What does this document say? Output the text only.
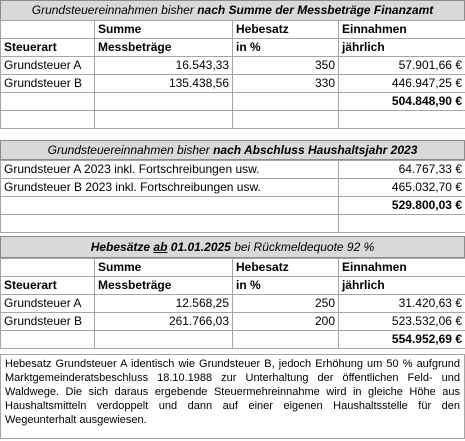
Grundsteuereinnahmen bisher nach Summe der Messbeträge Finanzamt
	Summe	Hebesatz	Einnahmen
Steuerart	Messbeträge	in %	jährlich
Grundsteuer A	16.543,33	350	57.901,66 €
Grundsteuer B	135.438,56	330	446.947,25 €
			504.848,90 €

Grundsteuereinnahmen bisher nach Abschluss Haushaltsjahr 2023
Grundsteuer A 2023 inkl. Fortschreibungen usw.	64.767,33 €
Grundsteuer B 2023 inkl. Fortschreibungen usw.	465.032,70 €
	529.800,03 €

Hebesätze ab 01.01.2025 bei Rückmeldequote 92 %
	Summe	Hebesatz	Einnahmen
Steuerart	Messbeträge	in %	jährlich
Grundsteuer A	12.568,25	250	31.420,63 €
Grundsteuer B	261.766,03	200	523.532,06 €
			554.952,69 €
Hebesatz Grundsteuer A identisch wie Grundsteuer B, jedoch Erhöhung um 50 % aufgrund Marktgemeinderatsbeschluss 18.10.1988 zur Unterhaltung der öffentlichen Feld- und Waldwege. Die sich daraus ergebende Steuermehreinnahme wird in gleiche Höhe aus Haushaltsmitteln verdoppelt und dann auf einer eigenen Haushaltsstelle für den Wegeunterhalt ausgewiesen.
